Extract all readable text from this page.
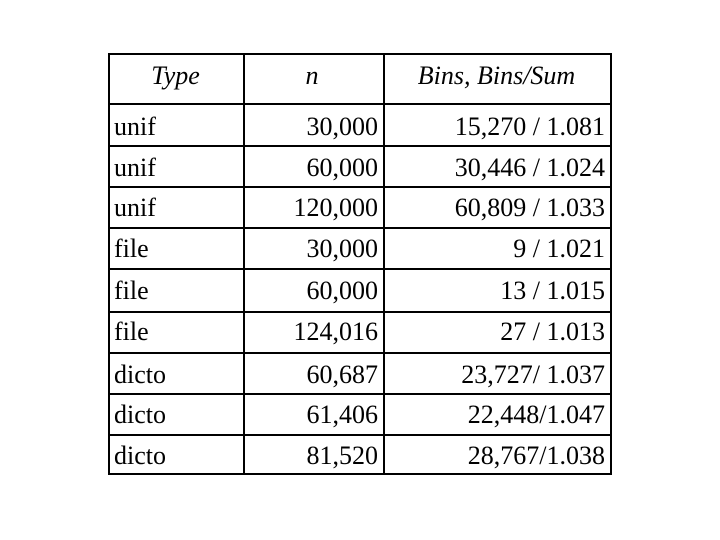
Type	n	Bins, Bins/Sum
unif	30,000	15,270 / 1.081
unif	60,000	30,446 / 1.024
unif	120,000	60,809 / 1.033
file	30,000	9 / 1.021
file	60,000	13 / 1.015
file	124,016	27 / 1.013
dicto	60,687	23,727/ 1.037
dicto	61,406	22,448/1.047
dicto	81,520	28,767/1.038
